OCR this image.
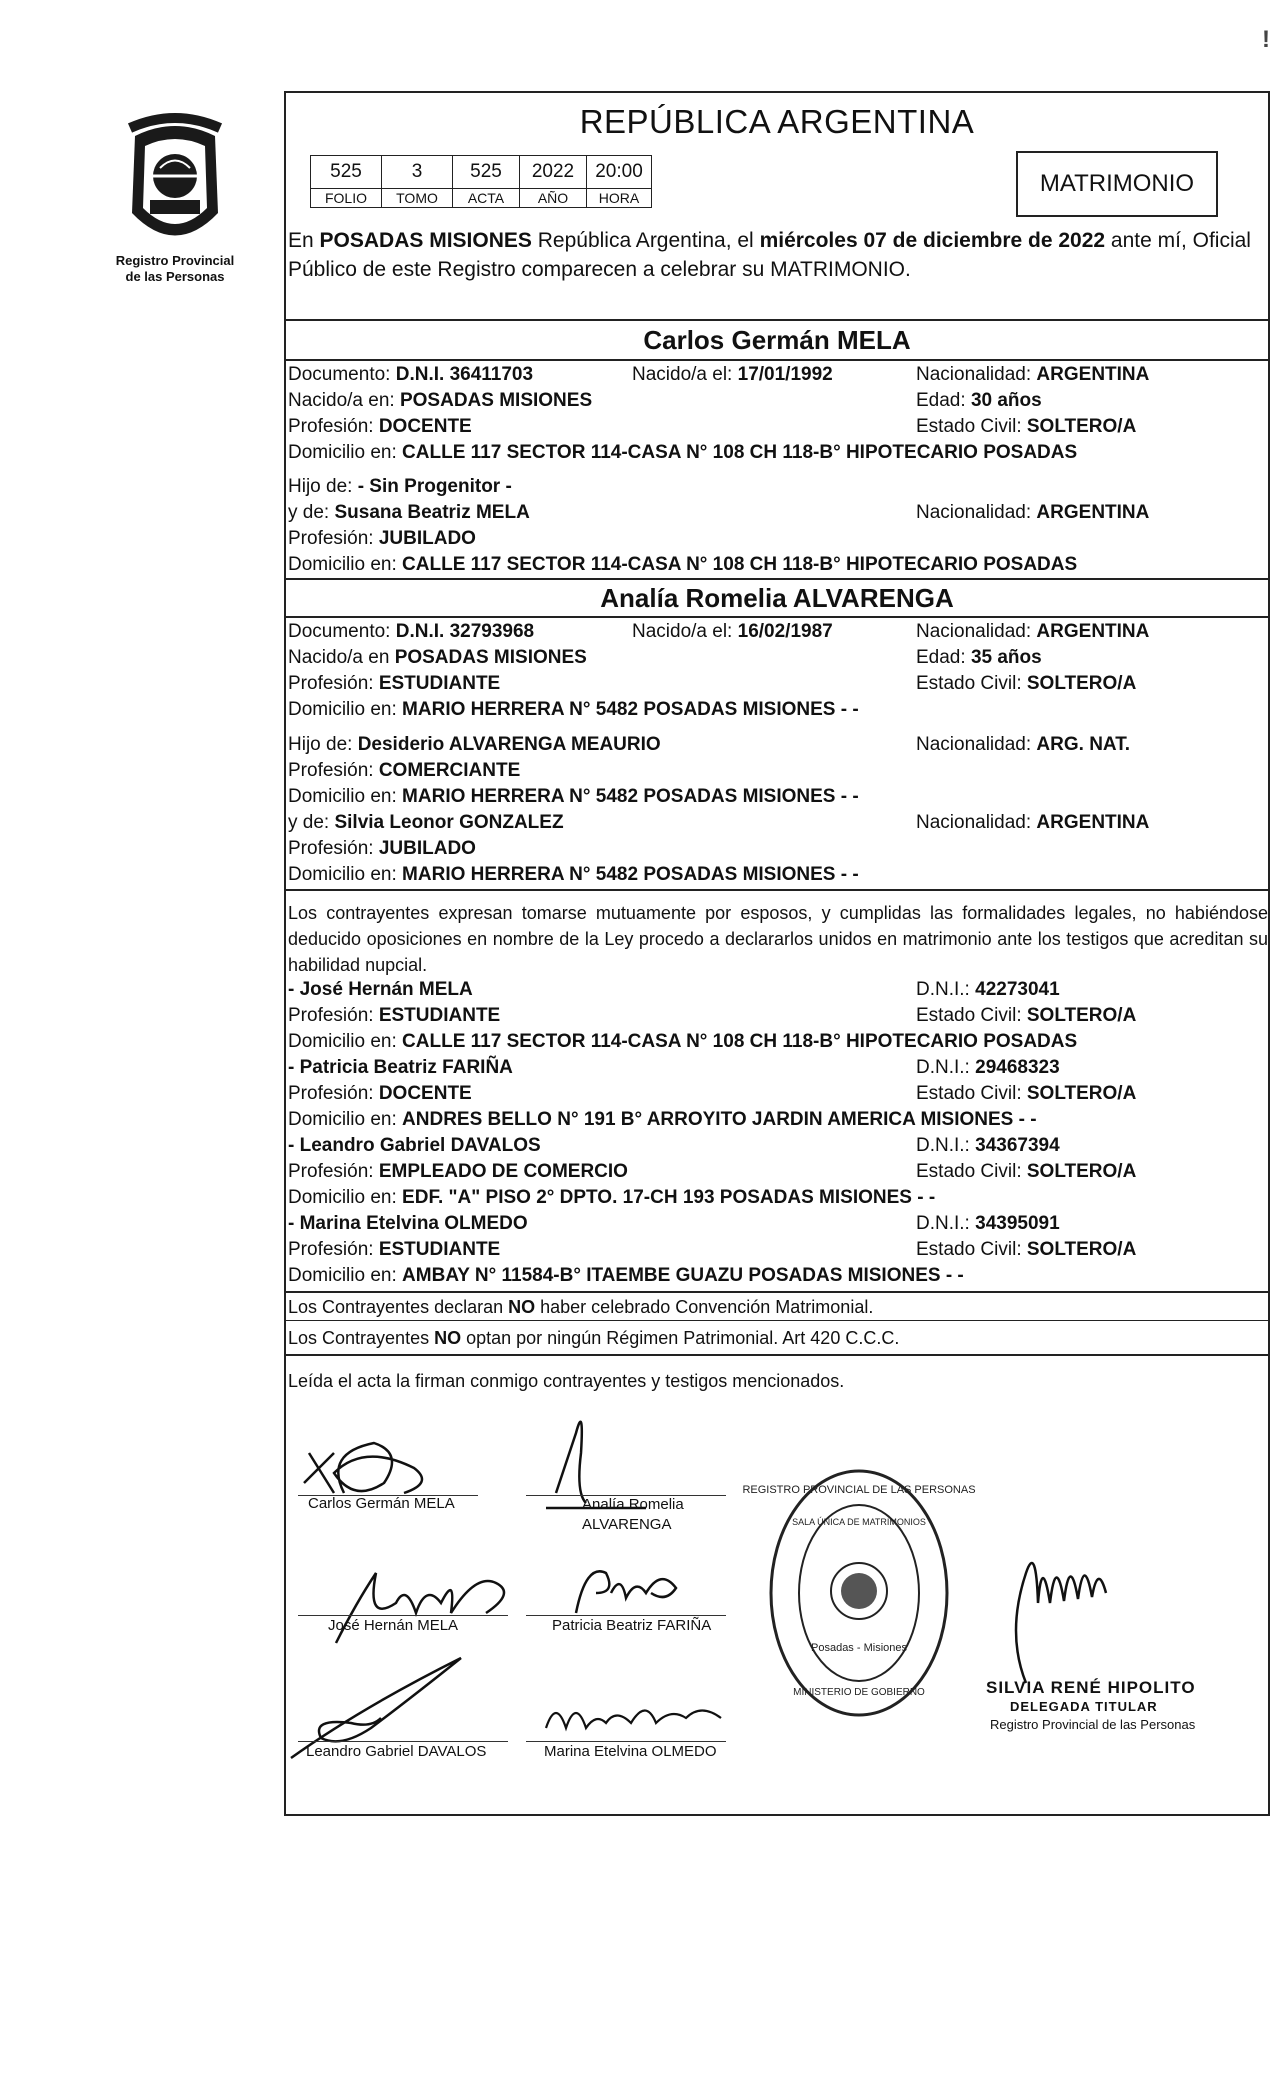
Registro Provincial
de las Personas
REPÚBLICA ARGENTINA
525	3	525	2022	20:00
FOLIO	TOMO	ACTA	AÑO	HORA
MATRIMONIO
En POSADAS MISIONES República Argentina, el miércoles 07 de diciembre de 2022 ante mí, Oficial Público de este Registro comparecen a celebrar su MATRIMONIO.
Carlos Germán MELA
Documento: D.N.I. 36411703	Nacido/a el: 17/01/1992	Nacionalidad: ARGENTINA
Nacido/a en: POSADAS MISIONES	Edad: 30 años
Profesión: DOCENTE	Estado Civil: SOLTERO/A
Domicilio en: CALLE 117 SECTOR 114-CASA N° 108 CH 118-B° HIPOTECARIO POSADAS
Hijo de: - Sin Progenitor -
y de: Susana Beatriz MELA	Nacionalidad: ARGENTINA
Profesión: JUBILADO
Domicilio en: CALLE 117 SECTOR 114-CASA N° 108 CH 118-B° HIPOTECARIO POSADAS
Analía Romelia ALVARENGA
Documento: D.N.I. 32793968	Nacido/a el: 16/02/1987	Nacionalidad: ARGENTINA
Nacido/a en POSADAS MISIONES	Edad: 35 años
Profesión: ESTUDIANTE	Estado Civil: SOLTERO/A
Domicilio en: MARIO HERRERA N° 5482 POSADAS MISIONES - -
Hijo de: Desiderio ALVARENGA MEAURIO	Nacionalidad: ARG. NAT.
Profesión: COMERCIANTE
Domicilio en: MARIO HERRERA N° 5482 POSADAS MISIONES - -
y de: Silvia Leonor GONZALEZ	Nacionalidad: ARGENTINA
Profesión: JUBILADO
Domicilio en: MARIO HERRERA N° 5482 POSADAS MISIONES - -
Los contrayentes expresan tomarse mutuamente por esposos, y cumplidas las formalidades legales, no habiéndose deducido oposiciones en nombre de la Ley procedo a declararlos unidos en matrimonio ante los testigos que acreditan su habilidad nupcial.
- José Hernán MELA	D.N.I.: 42273041
Profesión: ESTUDIANTE	Estado Civil: SOLTERO/A
Domicilio en: CALLE 117 SECTOR 114-CASA N° 108 CH 118-B° HIPOTECARIO POSADAS
- Patricia Beatriz FARIÑA	D.N.I.: 29468323
Profesión: DOCENTE	Estado Civil: SOLTERO/A
Domicilio en: ANDRES BELLO N° 191 B° ARROYITO JARDIN AMERICA MISIONES - -
- Leandro Gabriel DAVALOS	D.N.I.: 34367394
Profesión: EMPLEADO DE COMERCIO	Estado Civil: SOLTERO/A
Domicilio en: EDF. "A" PISO 2° DPTO. 17-CH 193 POSADAS MISIONES - -
- Marina Etelvina OLMEDO	D.N.I.: 34395091
Profesión: ESTUDIANTE	Estado Civil: SOLTERO/A
Domicilio en: AMBAY N° 11584-B° ITAEMBE GUAZU POSADAS MISIONES - -
Los Contrayentes declaran NO haber celebrado Convención Matrimonial.
Los Contrayentes NO optan por ningún Régimen Patrimonial. Art 420 C.C.C.
Leída el acta la firman conmigo contrayentes y testigos mencionados.
Carlos Germán MELA	Analía Romelia
ALVARENGA
José Hernán MELA	Patricia Beatriz FARIÑA
Leandro Gabriel DAVALOS	Marina Etelvina OLMEDO
REGISTRO PROVINCIAL DE LAS PERSONAS
SALA ÚNICA DE MATRIMONIOS
Posadas - Misiones
MINISTERIO DE GOBIERNO	SILVIA RENÉ HIPOLITO
DELEGADA TITULAR
Registro Provincial de las Personas
!
